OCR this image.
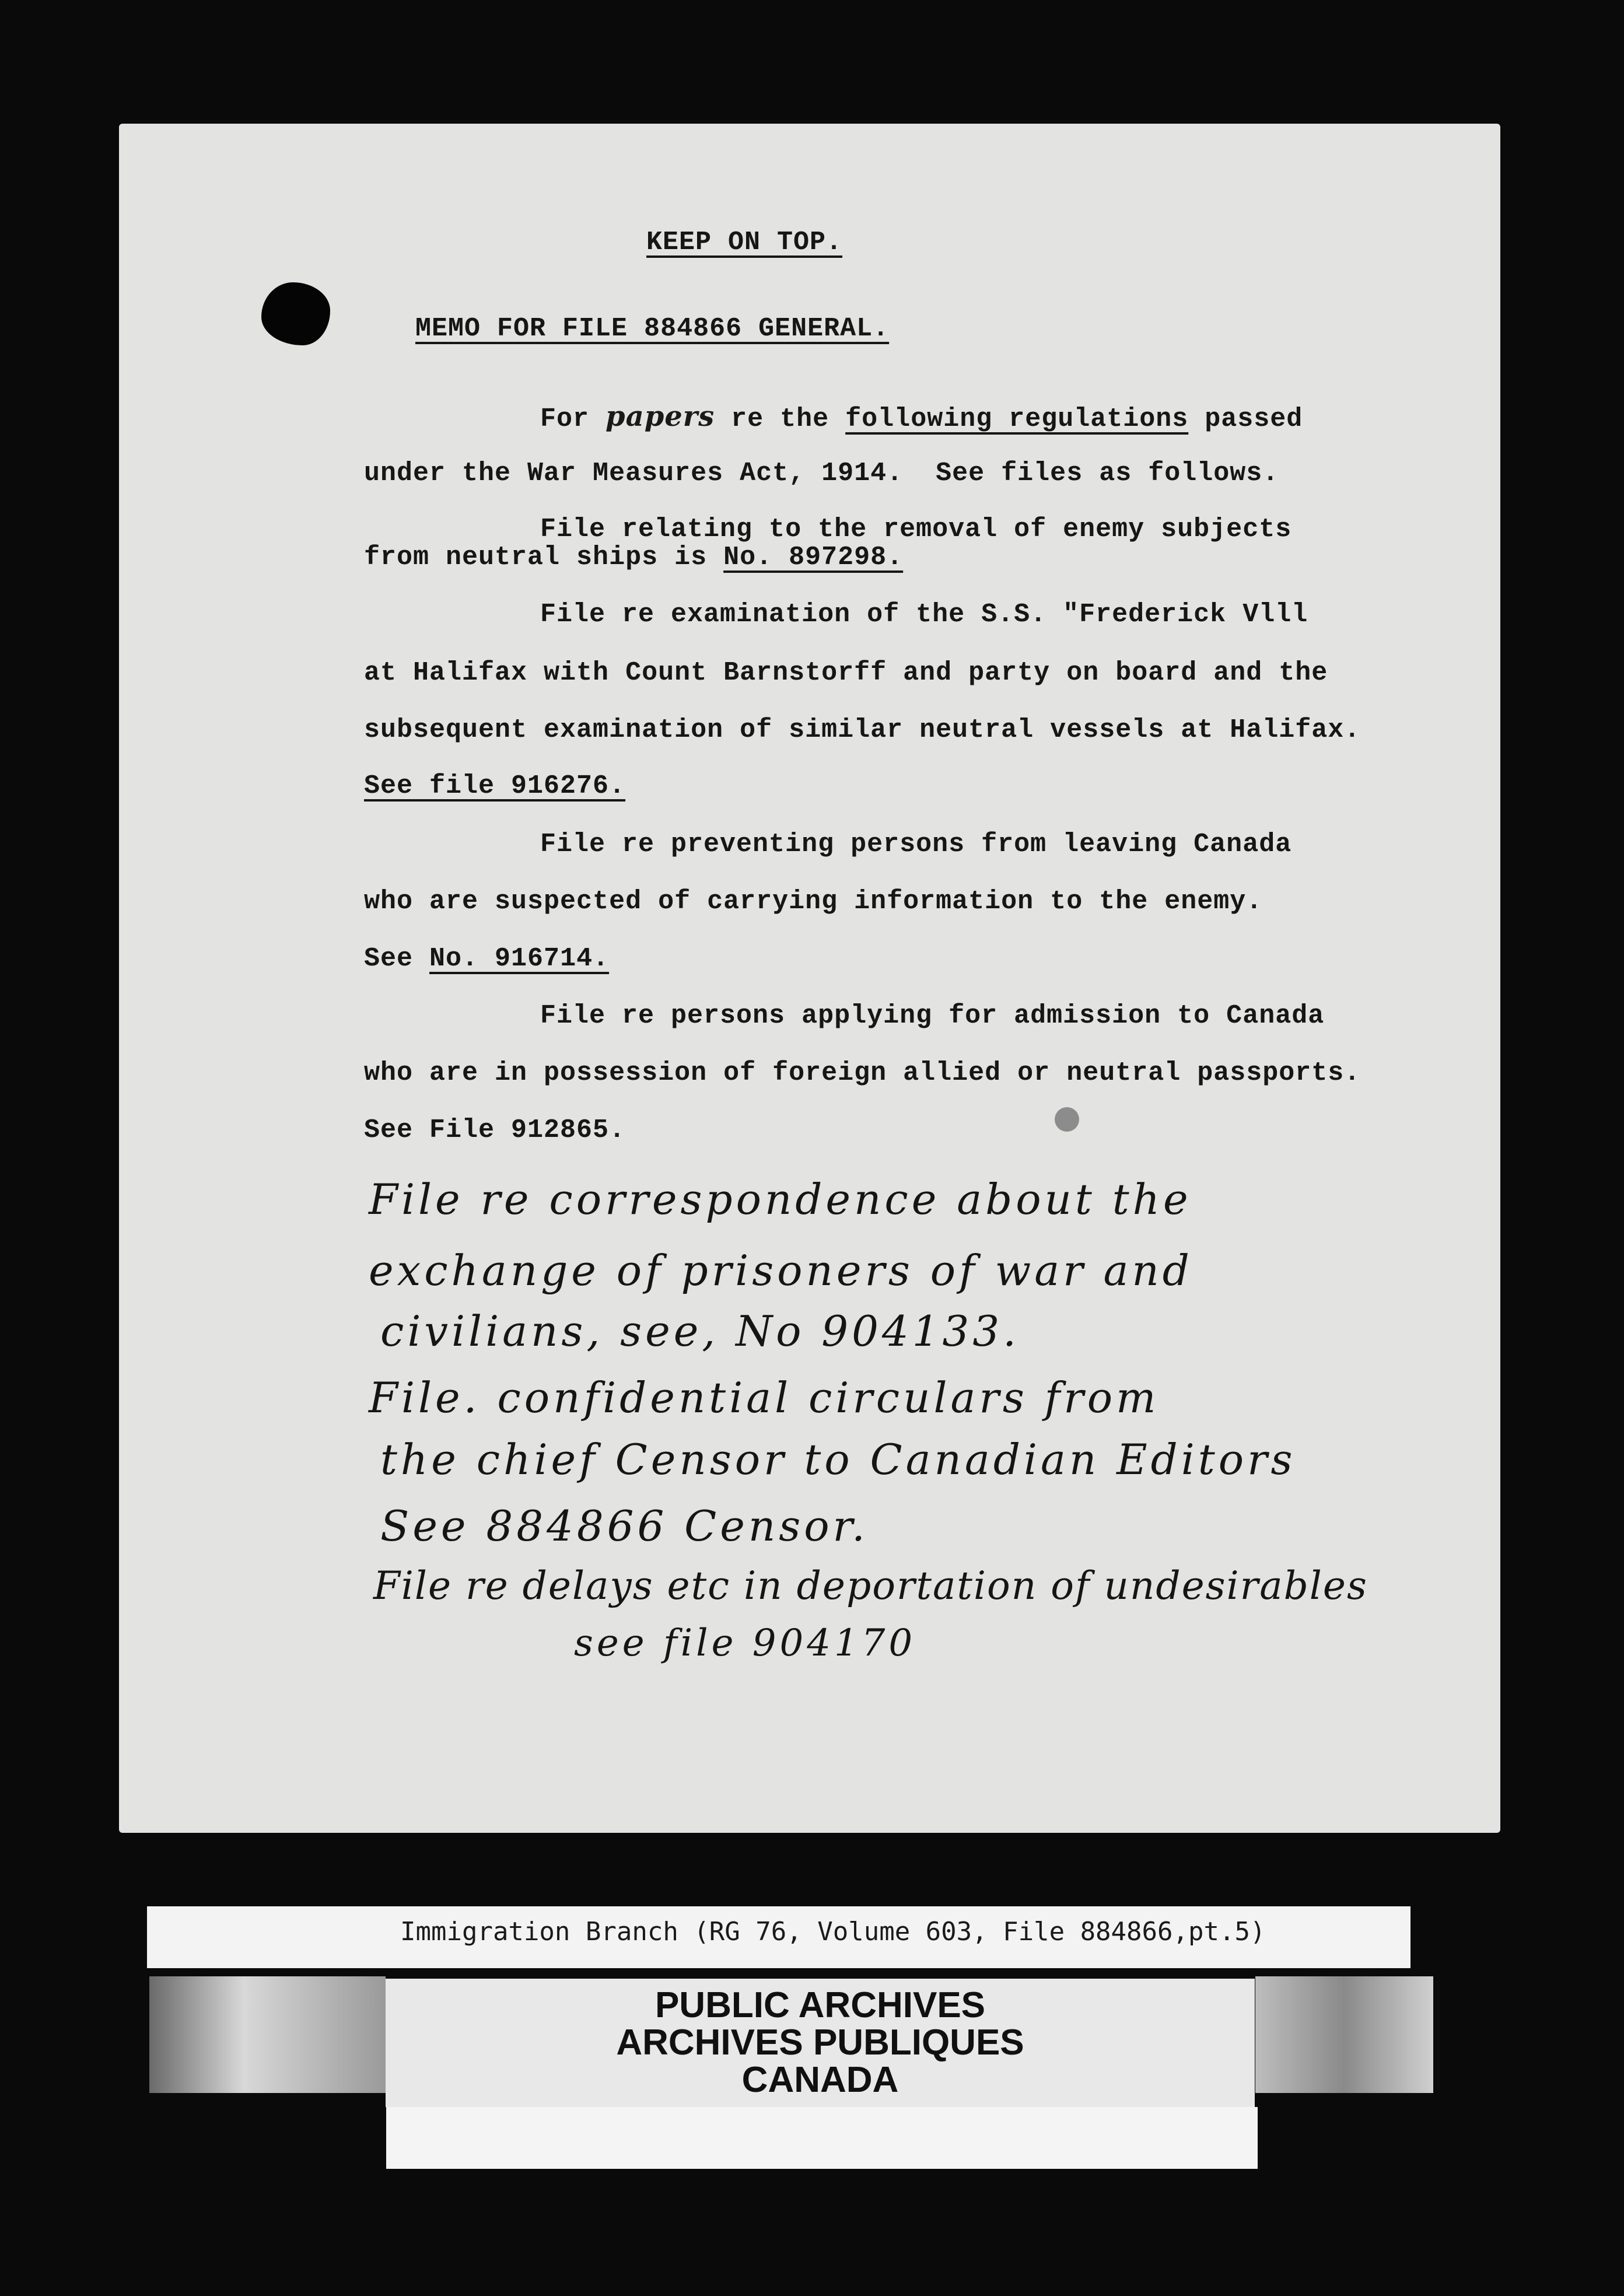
KEEP ON TOP.
MEMO FOR FILE 884866 GENERAL.
For papers re the following regulations passed
under the War Measures Act, 1914.  See files as follows.
File relating to the removal of enemy subjects
from neutral ships is No. 897298.
File re examination of the S.S. "Frederick Vlll
at Halifax with Count Barnstorff and party on board and the
subsequent examination of similar neutral vessels at Halifax.
See file 916276.
File re preventing persons from leaving Canada
who are suspected of carrying information to the enemy.
See No. 916714.
File re persons applying for admission to Canada
who are in possession of foreign allied or neutral passports.
See File 912865.
File re correspondence about the
exchange of prisoners of war and
civilians, see, No 904133.
File. confidential circulars from
the chief Censor to Canadian Editors
See 884866 Censor.
File re delays etc in deportation of undesirables
see file 904170
Immigration Branch (RG 76, Volume 603, File 884866,pt.5)
PUBLIC ARCHIVES
ARCHIVES PUBLIQUES
CANADA
